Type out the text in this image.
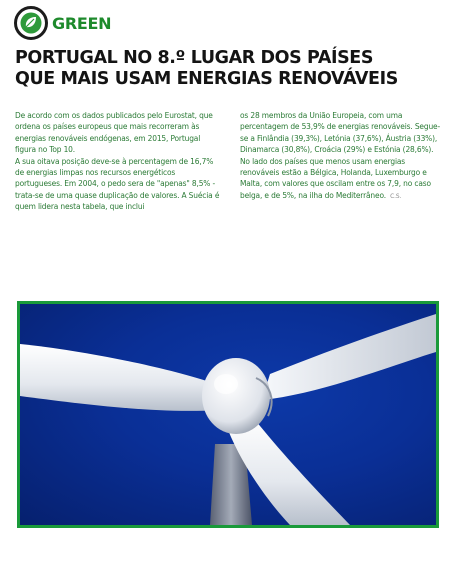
GREEN
PORTUGAL NO 8.º LUGAR DOS PAÍSES
QUE MAIS USAM ENERGIAS RENOVÁVEIS

De acordo com os dados publicados pelo Eurostat, que ordena os países europeus que mais recorreram às energias renováveis endógenas, em 2015, Portugal figura no Top 10.

A sua oitava posição deve-se à percentagem de 16,7% de energias limpas nos recursos energéticos portugueses. Em 2004, o pedo sera de "apenas" 8,5% - trata-se de uma quase duplicação de valores. A Suécia é quem lidera nesta tabela, que inclui

os 28 membros da União Europeia, com uma percentagem de 53,9% de energias renováveis. Segue-se a Finlândia (39,3%), Letónia (37,6%), Áustria (33%), Dinamarca (30,8%), Croácia (29%) e Estónia (28,6%).

No lado dos países que menos usam energias renováveis estão a Bélgica, Holanda, Luxemburgo e Malta, com valores que oscilam entre os 7,9, no caso belga, e de 5%, na ilha do Mediterrâneo. C.S.
